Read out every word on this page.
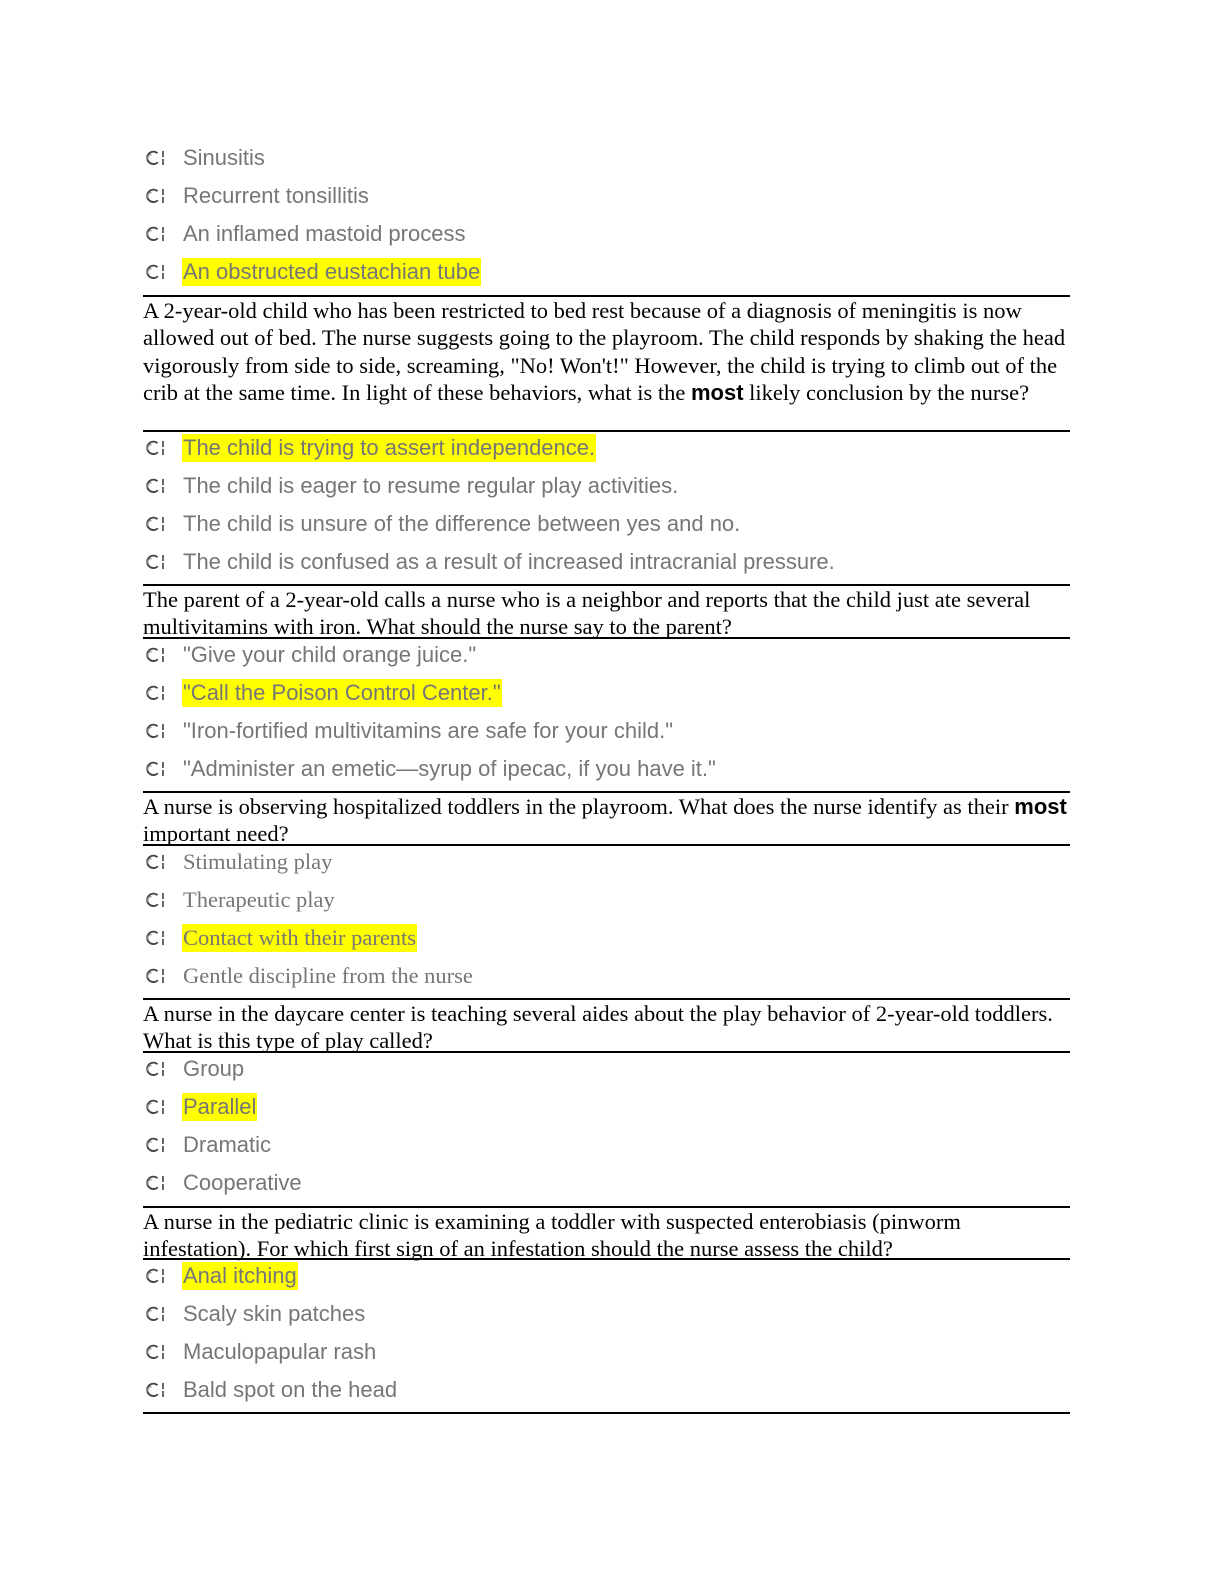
Sinusitis
Recurrent tonsillitis
An inflamed mastoid process
An obstructed eustachian tube

A 2-year-old child who has been restricted to bed rest because of a diagnosis of meningitis is now allowed out of bed. The nurse suggests going to the playroom. The child responds by shaking the head vigorously from side to side, screaming, "No! Won't!" However, the child is trying to climb out of the crib at the same time. In light of these behaviors, what is the most likely conclusion by the nurse?

The child is trying to assert independence.
The child is eager to resume regular play activities.
The child is unsure of the difference between yes and no.
The child is confused as a result of increased intracranial pressure.

The parent of a 2-year-old calls a nurse who is a neighbor and reports that the child just ate several multivitamins with iron. What should the nurse say to the parent?

"Give your child orange juice."
"Call the Poison Control Center."
"Iron-fortified multivitamins are safe for your child."
"Administer an emetic—syrup of ipecac, if you have it."

A nurse is observing hospitalized toddlers in the playroom. What does the nurse identify as their most important need?

Stimulating play
Therapeutic play
Contact with their parents
Gentle discipline from the nurse

A nurse in the daycare center is teaching several aides about the play behavior of 2-year-old toddlers. What is this type of play called?

Group
Parallel
Dramatic
Cooperative

A nurse in the pediatric clinic is examining a toddler with suspected enterobiasis (pinworm infestation). For which first sign of an infestation should the nurse assess the child?

Anal itching
Scaly skin patches
Maculopapular rash
Bald spot on the head
